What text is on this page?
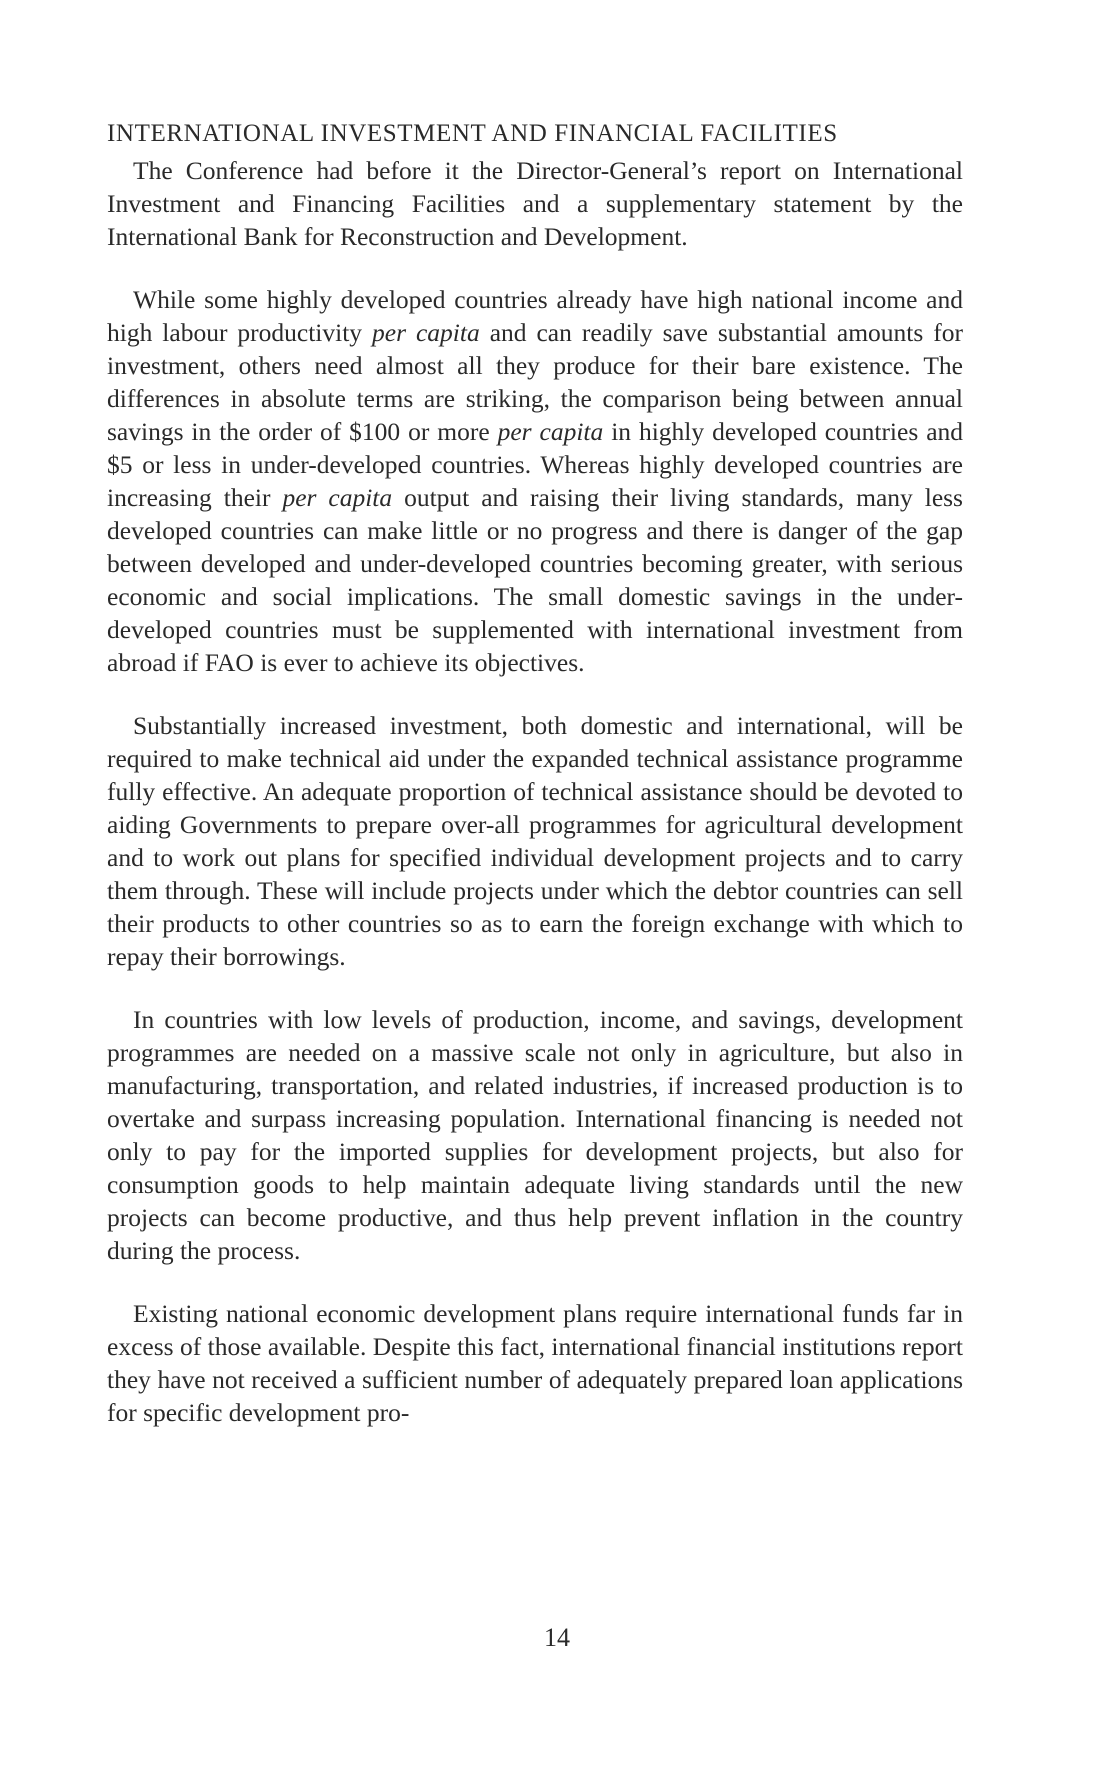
INTERNATIONAL INVESTMENT AND FINANCIAL FACILITIES

The Conference had before it the Director-General’s report on International Investment and Financing Facilities and a supplementary statement by the International Bank for Reconstruction and Development.

While some highly developed countries already have high national income and high labour productivity per capita and can readily save substantial amounts for investment, others need almost all they produce for their bare existence. The differences in absolute terms are striking, the comparison being between annual savings in the order of $100 or more per capita in highly developed countries and $5 or less in under-developed countries. Whereas highly developed countries are increasing their per capita output and raising their living standards, many less developed countries can make little or no progress and there is danger of the gap between developed and under-developed countries becoming greater, with serious economic and social implications. The small domestic savings in the under-developed countries must be supplemented with international investment from abroad if FAO is ever to achieve its objectives.

Substantially increased investment, both domestic and international, will be required to make technical aid under the expanded technical assistance programme fully effective. An adequate proportion of technical assistance should be devoted to aiding Governments to prepare over-all programmes for agricultural development and to work out plans for specified individual development projects and to carry them through. These will include projects under which the debtor countries can sell their products to other countries so as to earn the foreign exchange with which to repay their borrowings.

In countries with low levels of production, income, and savings, development programmes are needed on a massive scale not only in agriculture, but also in manufacturing, transportation, and related industries, if increased production is to overtake and surpass increasing population. International financing is needed not only to pay for the imported supplies for development projects, but also for consumption goods to help maintain adequate living standards until the new projects can become productive, and thus help prevent inflation in the country during the process.

Existing national economic development plans require international funds far in excess of those available. Despite this fact, international financial institutions report they have not received a sufficient number of adequately prepared loan applications for specific development pro-

14
